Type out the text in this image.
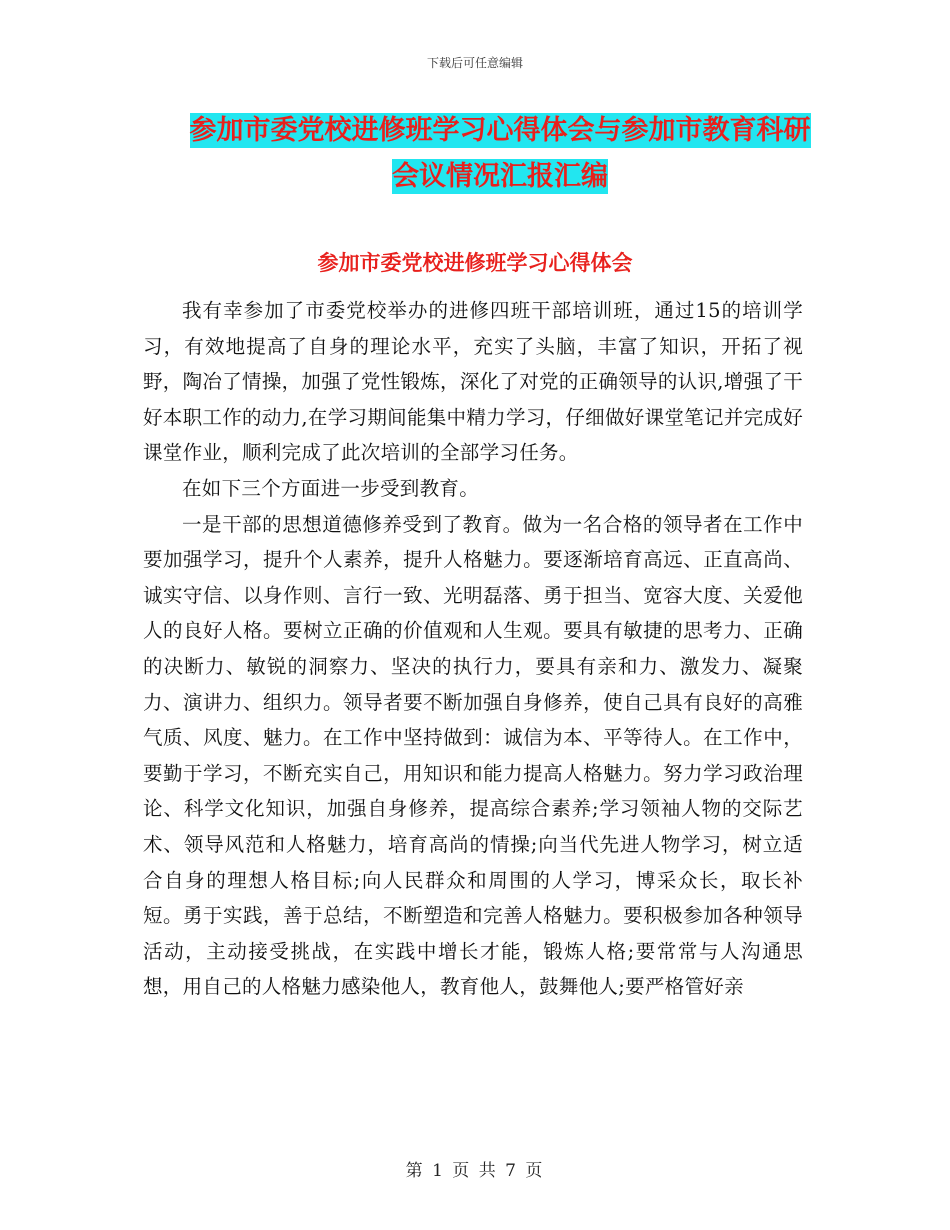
下载后可任意编辑
参加市委党校进修班学习心得体会与参加市教育科研
会议情况汇报汇编
参加市委党校进修班学习心得体会

我有幸参加了市委党校举办的进修四班干部培训班，通过15的培训学习，有效地提高了自身的理论水平，充实了头脑，丰富了知识，开拓了视野，陶冶了情操，加强了党性锻炼，深化了对党的正确领导的认识,增强了干好本职工作的动力,在学习期间能集中精力学习，仔细做好课堂笔记并完成好课堂作业，顺利完成了此次培训的全部学习任务。

在如下三个方面进一步受到教育。

一是干部的思想道德修养受到了教育。做为一名合格的领导者在工作中要加强学习，提升个人素养，提升人格魅力。要逐渐培育高远、正直高尚、诚实守信、以身作则、言行一致、光明磊落、勇于担当、宽容大度、关爱他人的良好人格。要树立正确的价值观和人生观。要具有敏捷的思考力、正确的决断力、敏锐的洞察力、坚决的执行力，要具有亲和力、激发力、凝聚力、演讲力、组织力。领导者要不断加强自身修养，使自己具有良好的高雅气质、风度、魅力。在工作中坚持做到：诚信为本、平等待人。在工作中，要勤于学习，不断充实自己，用知识和能力提高人格魅力。努力学习政治理论、科学文化知识，加强自身修养，提高综合素养;学习领袖人物的交际艺术、领导风范和人格魅力，培育高尚的情操;向当代先进人物学习，树立适合自身的理想人格目标;向人民群众和周围的人学习，博采众长，取长补短。勇于实践，善于总结，不断塑造和完善人格魅力。要积极参加各种领导活动，主动接受挑战，在实践中增长才能，锻炼人格;要常常与人沟通思想，用自己的人格魅力感染他人，教育他人，鼓舞他人;要严格管好亲

第 1 页 共 7 页
